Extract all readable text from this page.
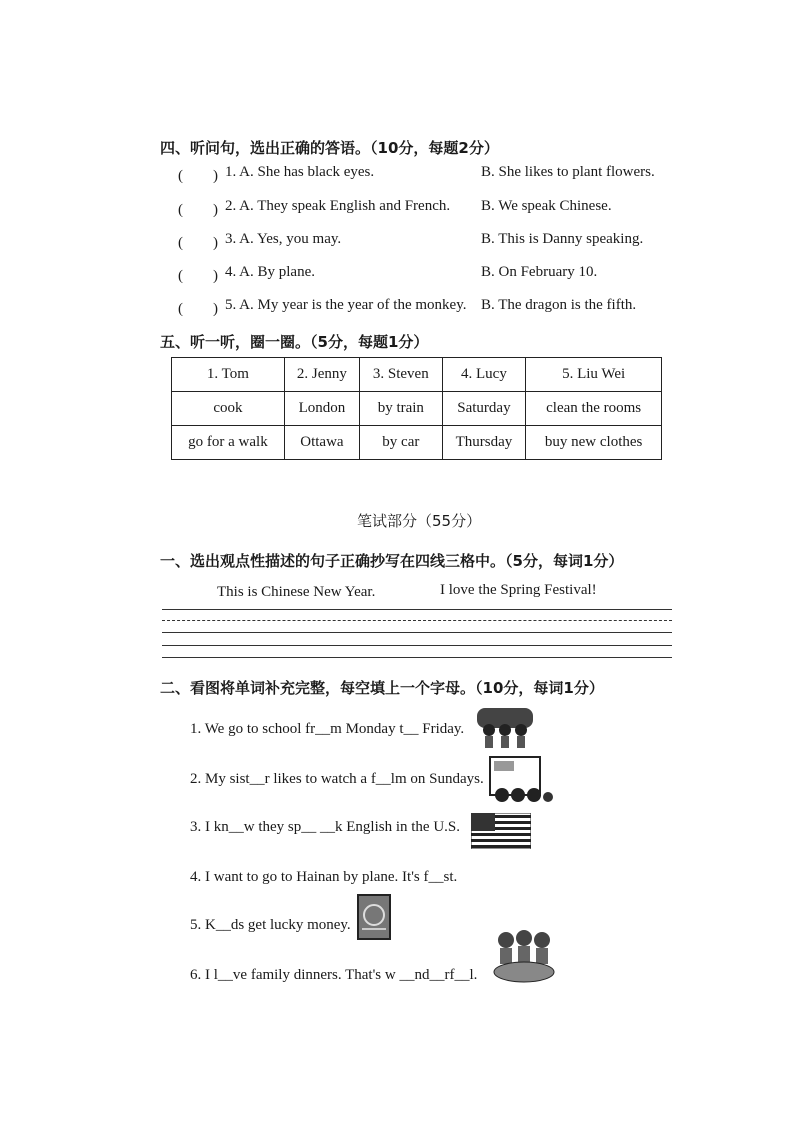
四、听问句，选出正确的答语。（10分，每题2分）
(　　) 1. A. She has black eyes.	B. She likes to plant flowers.
(　　) 2. A. They speak English and French. B. We speak Chinese.
(　　) 3. A. Yes, you may.	B. This is Danny speaking.
(　　) 4. A. By plane.	B. On February 10.
(　　) 5. A. My year is the year of the monkey. B. The dragon is the fifth.
五、听一听，圈一圈。（5分，每题1分）
1. Tom	2. Jenny	3. Steven	4. Lucy	5. Liu Wei
cook	London	by train	Saturday	clean the rooms
go for a walk	Ottawa	by car	Thursday	buy new clothes
笔试部分（55分）
一、选出观点性描述的句子正确抄写在四线三格中。（5分，每词1分）
This is Chinese New Year.	I love the Spring Festival!
二、看图将单词补充完整，每空填上一个字母。（10分，每词1分）
1. We go to school fr__m Monday t__ Friday.
2. My sist__r likes to watch a f__lm on Sundays.
3. I kn__w they sp__ __k English in the U.S.
4. I want to go to Hainan by plane. It's f__st.
5. K__ds get lucky money.
6. I l__ve family dinners. That's w __nd__rf__l.
